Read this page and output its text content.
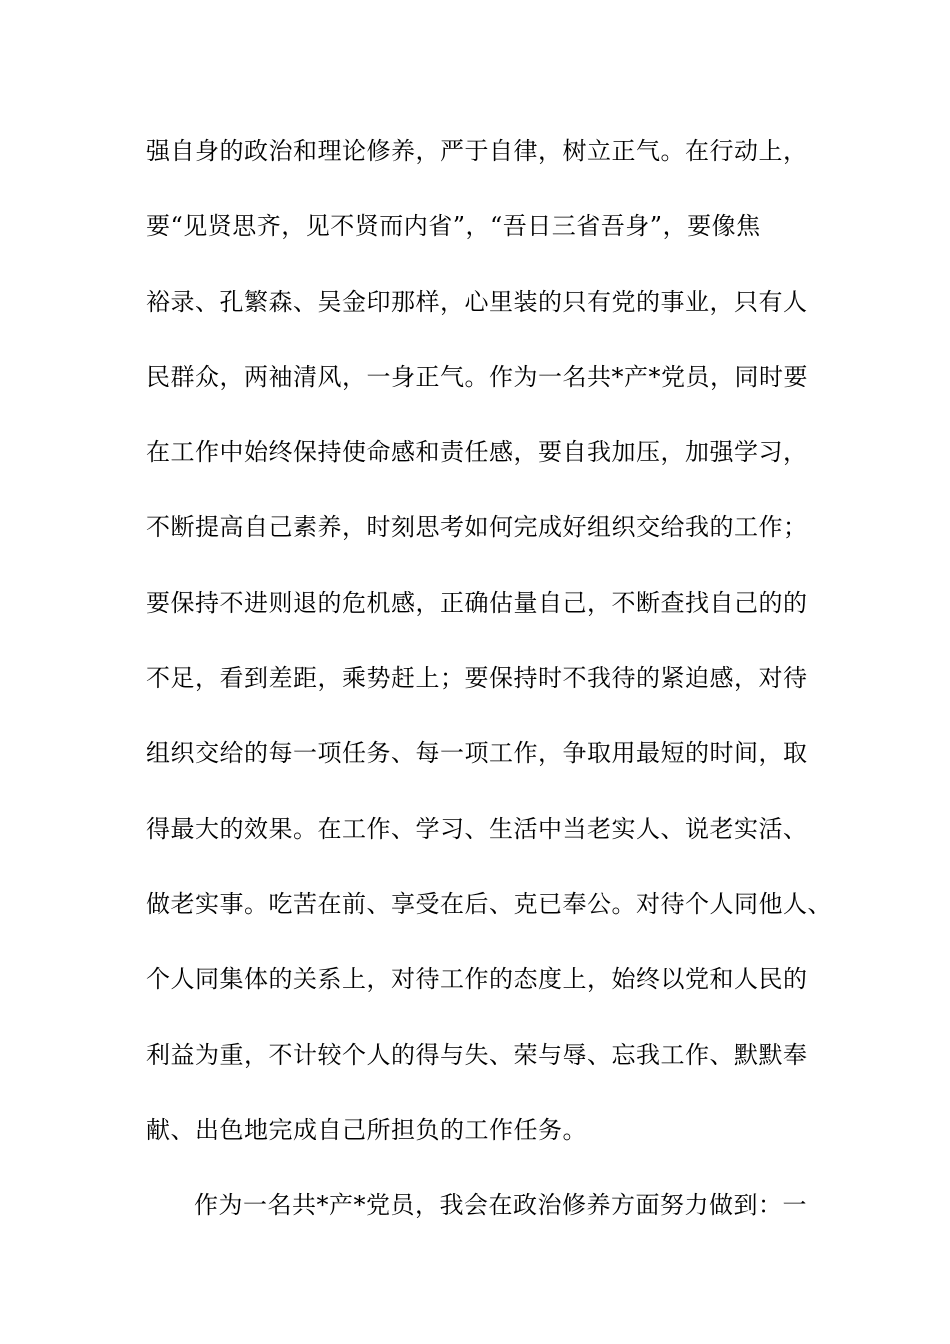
强自身的政治和理论修养，严于自律，树立正气。在行动上，
要“见贤思齐，见不贤而内省”，“吾日三省吾身”，要像焦
裕录、孔繁森、吴金印那样，心里装的只有党的事业，只有人
民群众，两袖清风，一身正气。作为一名共*产*党员，同时要
在工作中始终保持使命感和责任感，要自我加压，加强学习，
不断提高自己素养，时刻思考如何完成好组织交给我的工作；
要保持不进则退的危机感，正确估量自己，不断查找自己的的
不足，看到差距，乘势赶上；要保持时不我待的紧迫感，对待
组织交给的每一项任务、每一项工作，争取用最短的时间，取
得最大的效果。在工作、学习、生活中当老实人、说老实活、
做老实事。吃苦在前、享受在后、克已奉公。对待个人同他人、
个人同集体的关系上，对待工作的态度上，始终以党和人民的
利益为重，不计较个人的得与失、荣与辱、忘我工作、默默奉
献、出色地完成自己所担负的工作任务。
作为一名共*产*党员，我会在政治修养方面努力做到：一
